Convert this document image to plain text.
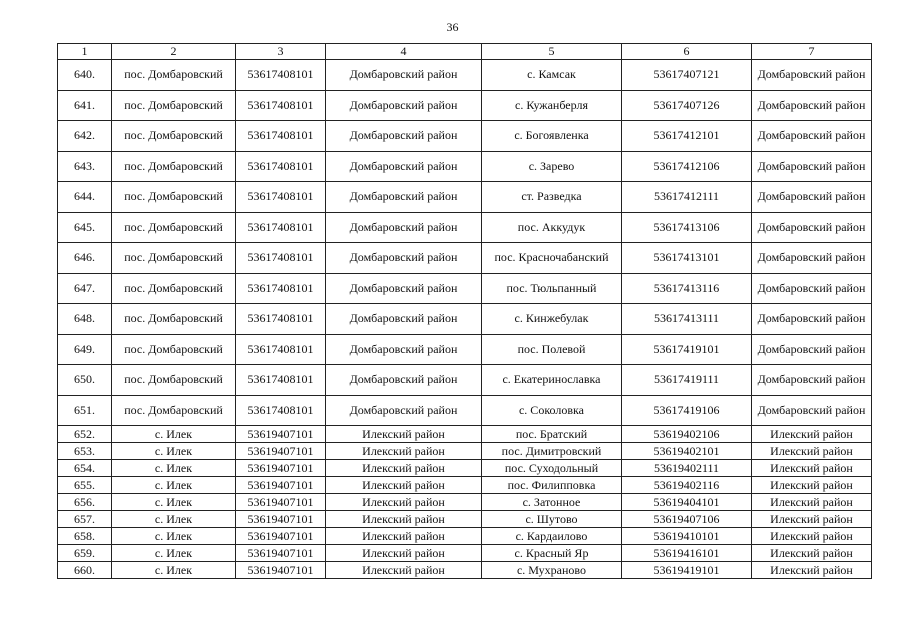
36
1	2	3	4	5	6	7
640.	пос. Домбаровский	53617408101	Домбаровский район	с. Камсак	53617407121	Домбаровский район
641.	пос. Домбаровский	53617408101	Домбаровский район	с. Кужанберля	53617407126	Домбаровский район
642.	пос. Домбаровский	53617408101	Домбаровский район	с. Богоявленка	53617412101	Домбаровский район
643.	пос. Домбаровский	53617408101	Домбаровский район	с. Зарево	53617412106	Домбаровский район
644.	пос. Домбаровский	53617408101	Домбаровский район	ст. Разведка	53617412111	Домбаровский район
645.	пос. Домбаровский	53617408101	Домбаровский район	пос. Аккудук	53617413106	Домбаровский район
646.	пос. Домбаровский	53617408101	Домбаровский район	пос. Красночабанский	53617413101	Домбаровский район
647.	пос. Домбаровский	53617408101	Домбаровский район	пос. Тюльпанный	53617413116	Домбаровский район
648.	пос. Домбаровский	53617408101	Домбаровский район	с. Кинжебулак	53617413111	Домбаровский район
649.	пос. Домбаровский	53617408101	Домбаровский район	пос. Полевой	53617419101	Домбаровский район
650.	пос. Домбаровский	53617408101	Домбаровский район	с. Екатериноcлавка	53617419111	Домбаровский район
651.	пос. Домбаровский	53617408101	Домбаровский район	с. Соколовка	53617419106	Домбаровский район
652.	с. Илек	53619407101	Илекский район	пос. Братский	53619402106	Илекский район
653.	с. Илек	53619407101	Илекский район	пос. Димитровский	53619402101	Илекский район
654.	с. Илек	53619407101	Илекский район	пос. Суходольный	53619402111	Илекский район
655.	с. Илек	53619407101	Илекский район	пос. Филипповка	53619402116	Илекский район
656.	с. Илек	53619407101	Илекский район	с. Затонное	53619404101	Илекский район
657.	с. Илек	53619407101	Илекский район	с. Шутово	53619407106	Илекский район
658.	с. Илек	53619407101	Илекский район	с. Кардаилово	53619410101	Илекский район
659.	с. Илек	53619407101	Илекский район	с. Красный Яр	53619416101	Илекский район
660.	с. Илек	53619407101	Илекский район	с. Мухраново	53619419101	Илекский район
